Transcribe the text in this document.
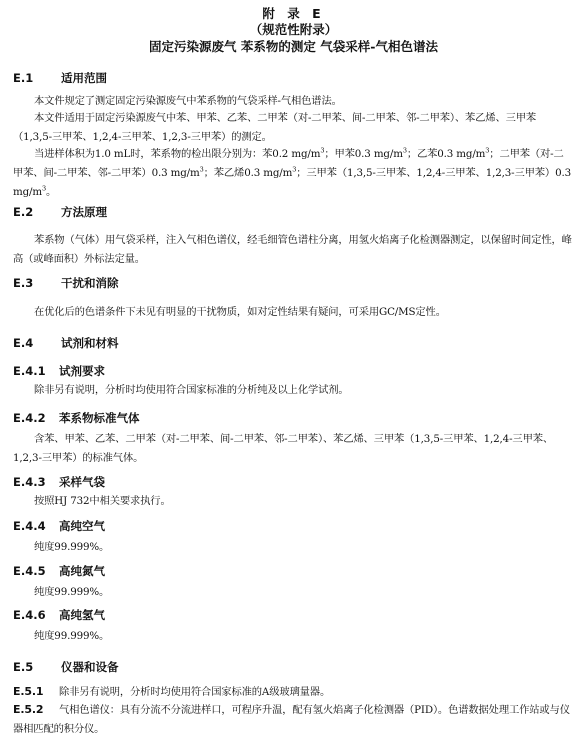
附 录 E
（规范性附录）
固定污染源废气 苯系物的测定 气袋采样-气相色谱法
E.1 适用范围
本文件规定了测定固定污染源废气中苯系物的气袋采样-气相色谱法。
本文件适用于固定污染源废气中苯、甲苯、乙苯、二甲苯（对-二甲苯、间-二甲苯、邻-二甲苯）、苯乙烯、三甲苯（1,3,5-三甲苯、1,2,4-三甲苯、1,2,3-三甲苯）的测定。
当进样体积为1.0 mL时，苯系物的检出限分别为：苯0.2 $mg/m^3$；甲苯0.3 $mg/m^3$；乙苯0.3 $mg/m^3$；二甲苯（对-二甲苯、间-二甲苯、邻-二甲苯）0.3 $mg/m^3$；苯乙烯0.3 $mg/m^3$；三甲苯（1,3,5-三甲苯、1,2,4-三甲苯、1,2,3-三甲苯）0.3 $mg/m^3$。
E.2 方法原理
苯系物（气体）用气袋采样，注入气相色谱仪，经毛细管色谱柱分离，用氢火焰离子化检测器测定，以保留时间定性，峰高（或峰面积）外标法定量。
E.3 干扰和消除
在优化后的色谱条件下未见有明显的干扰物质，如对定性结果有疑问，可采用GC/MS定性。
E.4 试剂和材料
E.4.1 试剂要求
除非另有说明，分析时均使用符合国家标准的分析纯及以上化学试剂。
E.4.2 苯系物标准气体
含苯、甲苯、乙苯、二甲苯（对-二甲苯、间-二甲苯、邻-二甲苯）、苯乙烯、三甲苯（1,3,5-三甲苯、1,2,4-三甲苯、1,2,3-三甲苯）的标准气体。
E.4.3 采样气袋
按照HJ 732中相关要求执行。
E.4.4 高纯空气
纯度99.999%。
E.4.5 高纯氮气
纯度99.999%。
E.4.6 高纯氢气
纯度99.999%。
E.5 仪器和设备
E.5.1 除非另有说明，分析时均使用符合国家标准的A级玻璃量器。
E.5.2 气相色谱仪：具有分流不分流进样口，可程序升温，配有氢火焰离子化检测器（PID）。色谱数据处理工作站或与仪器相匹配的积分仪。
